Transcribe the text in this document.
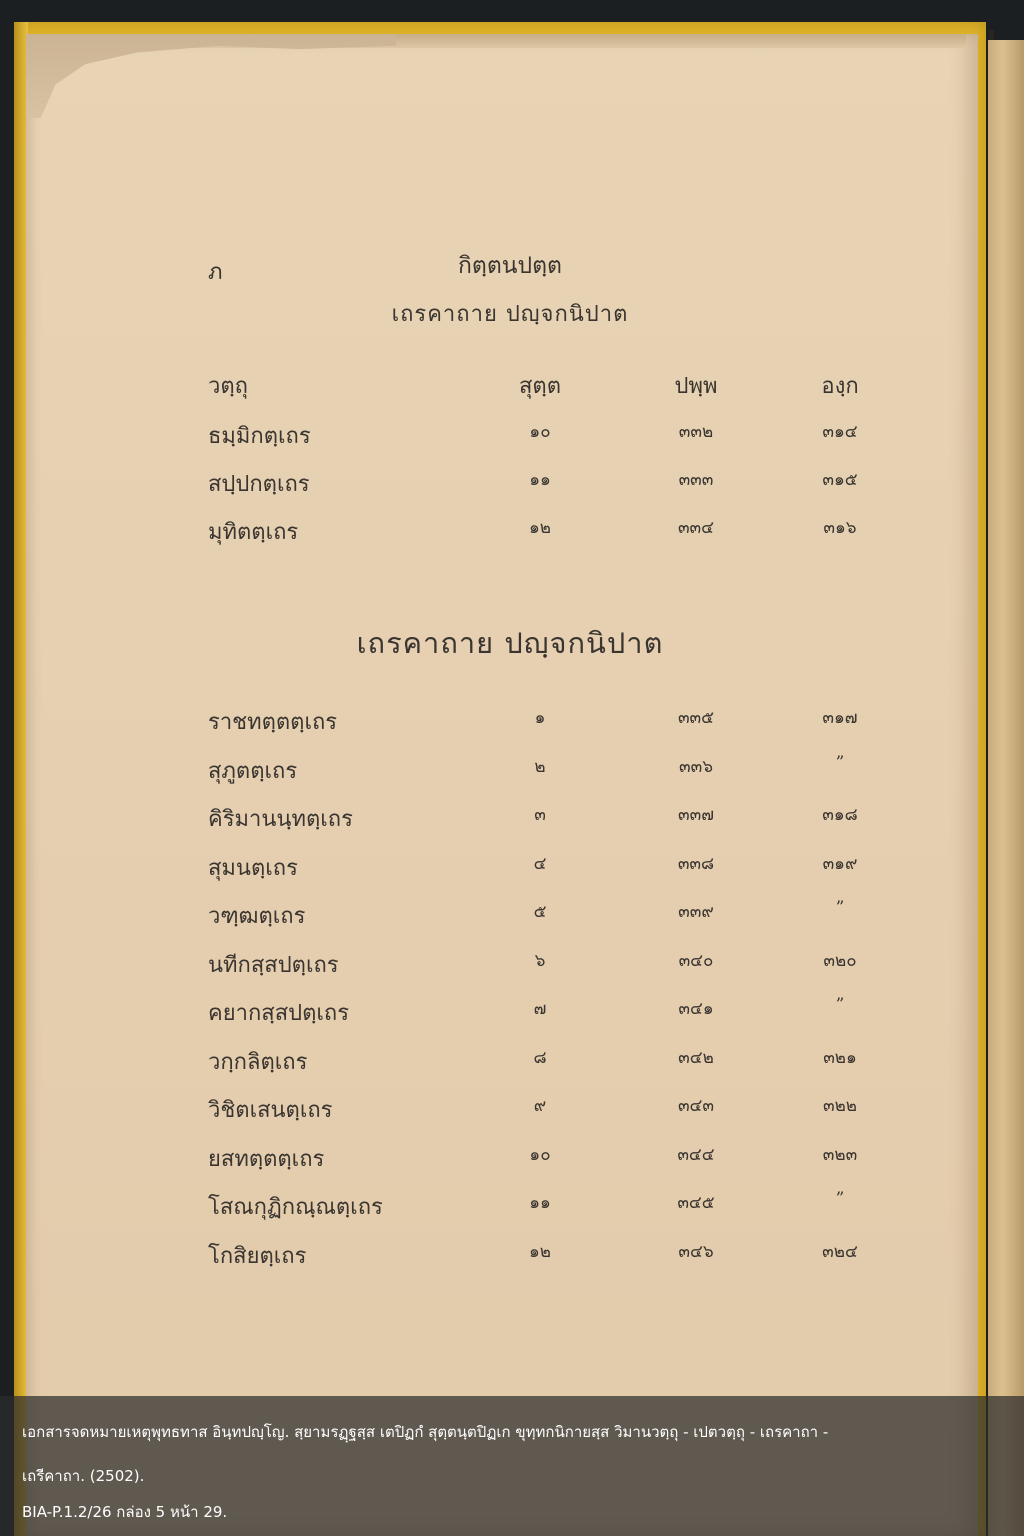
ภ	กิตฺตนปตฺต
เถรคาถาย ปญฺจกนิปาต
วตฺถุ	สุตฺต	ปพฺพ	องฺก
ธมฺมิกตฺเถร	๑๐	๓๓๒	๓๑๔
สปฺปกตฺเถร	๑๑	๓๓๓	๓๑๕
มุทิตตฺเถร	๑๒	๓๓๔	๓๑๖
เถรคาถาย ปญฺจกนิปาต
ราชทตฺตตฺเถร	๑	๓๓๕	๓๑๗
สุภูตตฺเถร	๒	๓๓๖	”
คิริมานนฺทตฺเถร	๓	๓๓๗	๓๑๘
สุมนตฺเถร	๔	๓๓๘	๓๑๙
วฑฺฒตฺเถร	๕	๓๓๙	”
นทีกสฺสปตฺเถร	๖	๓๔๐	๓๒๐
คยากสฺสปตฺเถร	๗	๓๔๑	”
วกฺกลิตฺเถร	๘	๓๔๒	๓๒๑
วิชิตเสนตฺเถร	๙	๓๔๓	๓๒๒
ยสทตฺตตฺเถร	๑๐	๓๔๔	๓๒๓
โสณกุฏิกณฺณตฺเถร	๑๑	๓๔๕	”
โกสิยตฺเถร	๑๒	๓๔๖	๓๒๔
เอกสารจดหมายเหตุพุทธทาส อินฺทปญฺโญ. สฺยามรฏฺฐสฺส เตปิฏกํ สุตฺตนฺตปิฏเก ขุทฺทกนิกายสฺส วิมานวตฺถุ - เปตวตฺถุ - เถรคาถา -
เถรีคาถา. (2502).
BIA-P.1.2/26 กล่อง 5 หน้า 29.
